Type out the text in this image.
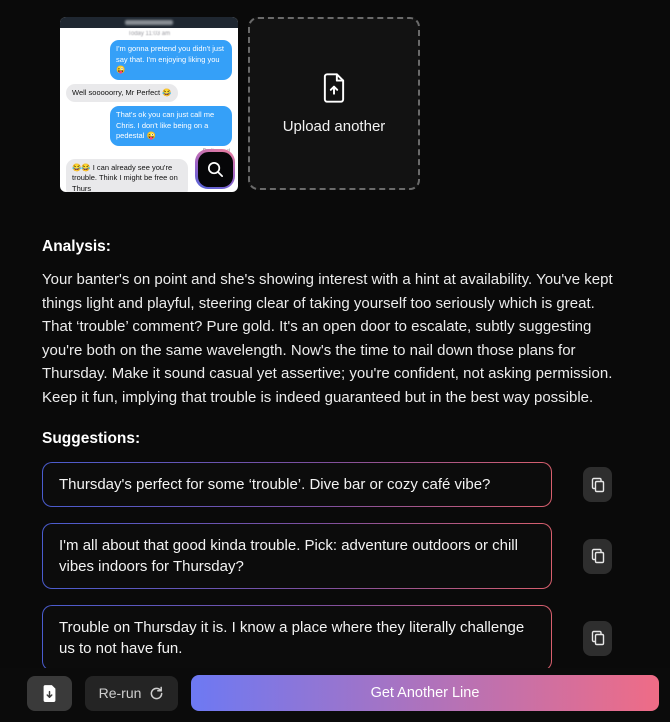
Today 11:03 am
I'm gonna pretend you didn't just say that. I'm enjoying liking you 😜
Well sooooorry, Mr Perfect 😂
That's ok you can just call me Chris. I don't like being on a pedestal 😜
😂😂 I can already see you're trouble. Think I might be free on Thurs
Upload another
Analysis:

Your banter's on point and she's showing interest with a hint at availability. You've kept things light and playful, steering clear of taking yourself too seriously which is great. That ‘trouble’ comment? Pure gold. It's an open door to escalate, subtly suggesting you're both on the same wavelength. Now's the time to nail down those plans for Thursday. Make it sound casual yet assertive; you're confident, not asking permission. Keep it fun, implying that trouble is indeed guaranteed but in the best way possible.

Suggestions:
Thursday's perfect for some ‘trouble’. Dive bar or cozy café vibe?
I'm all about that good kinda trouble. Pick: adventure outdoors or chill vibes indoors for Thursday?
Trouble on Thursday it is. I know a place where they literally challenge us to not have fun.
Re-run	Get Another Line
